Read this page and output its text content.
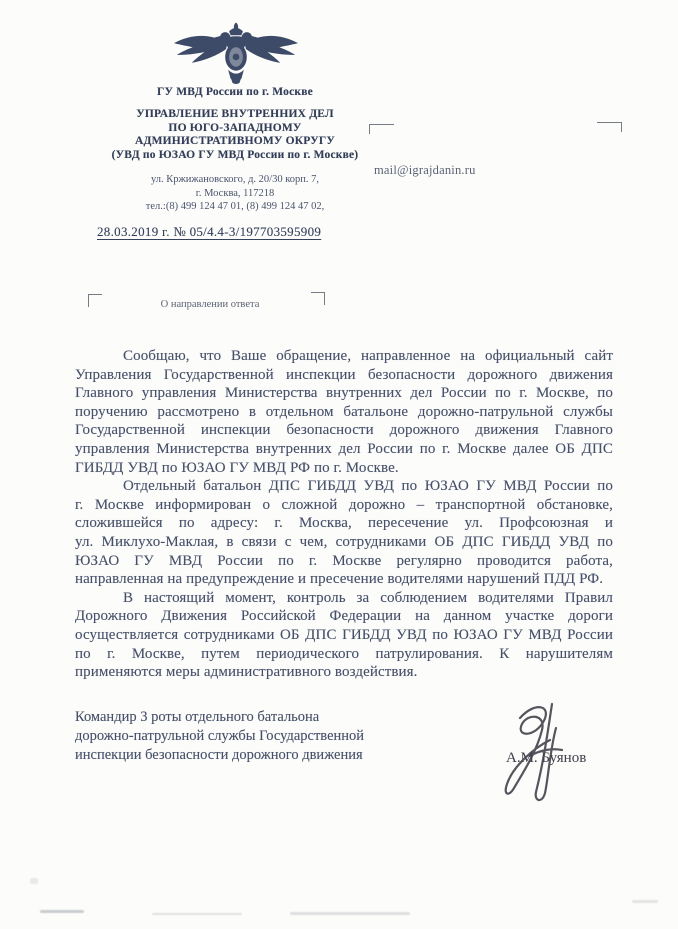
ГУ МВД России по г. Москве
УПРАВЛЕНИЕ ВНУТРЕННИХ ДЕЛ
ПО ЮГО-ЗАПАДНОМУ
АДМИНИСТРАТИВНОМУ ОКРУГУ
(УВД по ЮЗАО ГУ МВД России по г. Москве)
ул. Кржижановского, д. 20/30 корп. 7,
г. Москва, 117218
тел.:(8) 499 124 47 01, (8) 499 124 47 02,
28.03.2019 г. № 05/4.4-3/197703595909
mail@igrajdanin.ru
О направлении ответа
Сообщаю, что Ваше обращение, направленное на официальный сайт
Управления Государственной инспекции безопасности дорожного движения
Главного управления Министерства внутренних дел России по г. Москве, по
поручению рассмотрено в отдельном батальоне дорожно-патрульной службы
Государственной инспекции безопасности дорожного движения Главного
управления Министерства внутренних дел России по г. Москве далее ОБ ДПС
ГИБДД УВД по ЮЗАО ГУ МВД РФ по г. Москве.
Отдельный батальон ДПС ГИБДД УВД по ЮЗАО ГУ МВД России по
г. Москве информирован о сложной дорожно – транспортной обстановке,
сложившейся по адресу: г. Москва, пересечение ул. Профсоюзная и
ул. Миклухо-Маклая, в связи с чем, сотрудниками ОБ ДПС ГИБДД УВД по
ЮЗАО ГУ МВД России по г. Москве регулярно проводится работа,
направленная на предупреждение и пресечение водителями нарушений ПДД РФ.
В настоящий момент, контроль за соблюдением водителями Правил
Дорожного Движения Российской Федерации на данном участке дороги
осуществляется сотрудниками ОБ ДПС ГИБДД УВД по ЮЗАО ГУ МВД России
по г. Москве, путем периодического патрулирования. К нарушителям
применяются меры административного воздействия.
Командир 3 роты отдельного батальона
дорожно-патрульной службы Государственной
инспекции безопасности дорожного движения	А.М. Буянов
